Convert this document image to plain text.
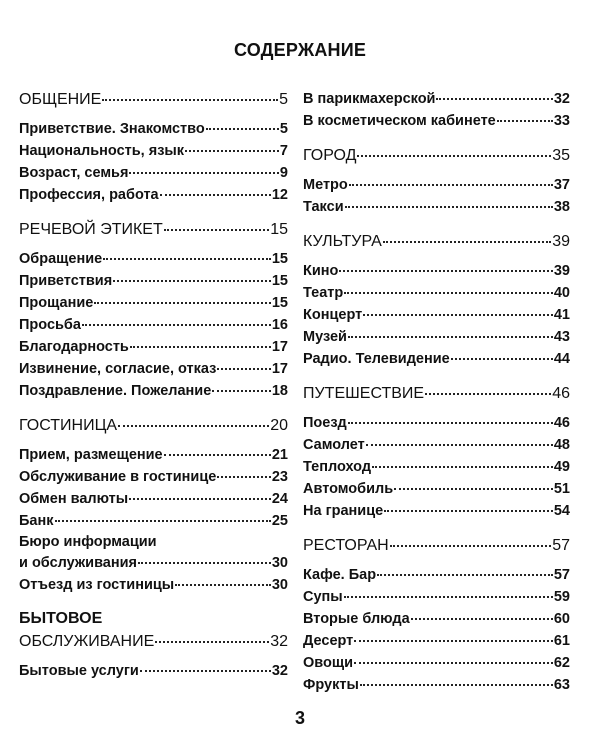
СОДЕРЖАНИЕ
ОБЩЕНИЕ	5
Приветствие. Знакомство	5
Национальность, язык	7
Возраст, семья	9
Профессия, работа	12
РЕЧЕВОЙ ЭТИКЕТ	15
Обращение	15
Приветствия	15
Прощание	15
Просьба	16
Благодарность	17
Извинение, согласие, отказ	17
Поздравление. Пожелание	18
ГОСТИНИЦА	20
Прием, размещение	21
Обслуживание в гостинице	23
Обмен валюты	24
Банк	25
Бюро информации
и обслуживания	30
Отъезд из гостиницы	30
БЫТОВОЕ
ОБСЛУЖИВАНИЕ	32
Бытовые услуги	32
В парикмахерской	32
В косметическом кабинете	33
ГОРОД	35
Метро	37
Такси	38
КУЛЬТУРА	39
Кино	39
Театр	40
Концерт	41
Музей	43
Радио. Телевидение	44
ПУТЕШЕСТВИЕ	46
Поезд	46
Самолет	48
Теплоход	49
Автомобиль	51
На границе	54
РЕСТОРАН	57
Кафе. Бар	57
Супы	59
Вторые блюда	60
Десерт	61
Овощи	62
Фрукты	63
3
